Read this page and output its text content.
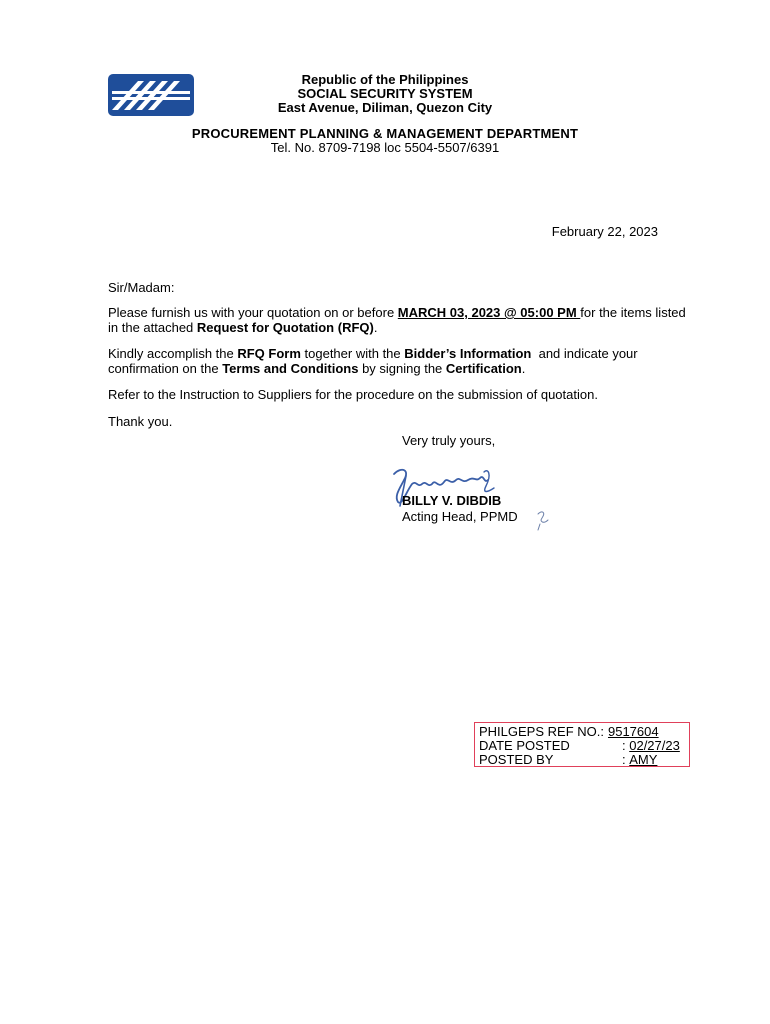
Republic of the Philippines
SOCIAL SECURITY SYSTEM
East Avenue, Diliman, Quezon City
PROCUREMENT PLANNING & MANAGEMENT DEPARTMENT
Tel. No. 8709-7198 loc 5504-5507/6391
February 22, 2023
Sir/Madam:

Please furnish us with your quotation on or before MARCH 03, 2023 @ 05:00 PM for the items listed in the attached Request for Quotation (RFQ).

Kindly accomplish the RFQ Form together with the Bidder’s Information  and indicate your confirmation on the Terms and Conditions by signing the Certification.

Refer to the Instruction to Suppliers for the procedure on the submission of quotation.

Thank you.

Very truly yours,
BILLY V. DIBDIB
Acting Head, PPMD
PHILGEPS REF NO.: 9517604
DATE POSTED	: 02/27/23
POSTED BY	: AMY
